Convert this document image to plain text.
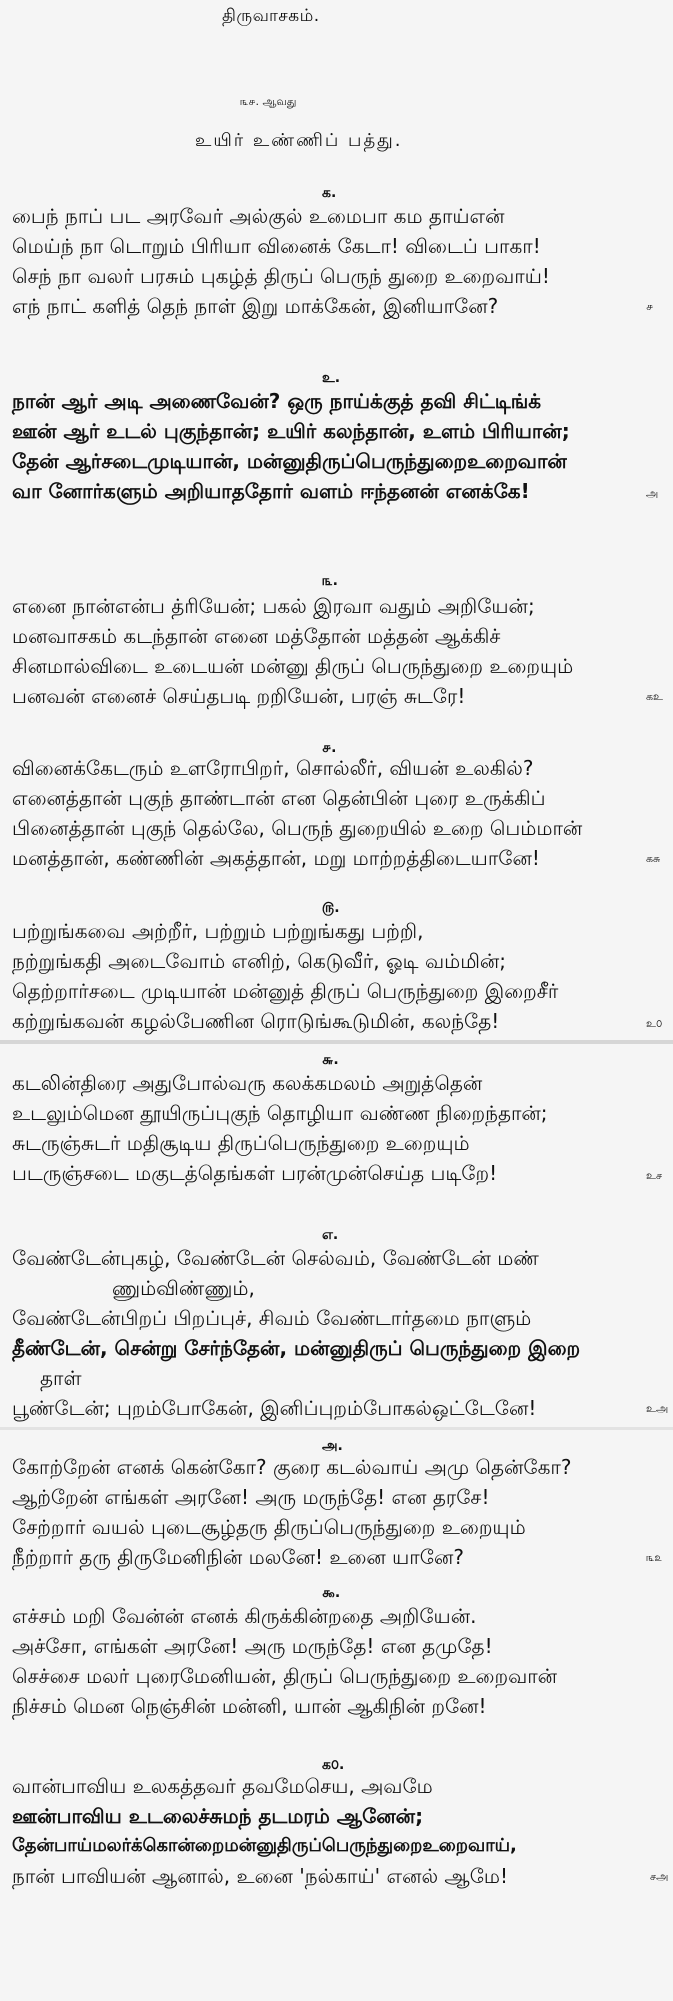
திருவாசகம்.
௩௪. ஆவது
உயிர் உண்ணிப் பத்து.
க.
பைந் நாப் பட அரவேர் அல்குல் உமைபா கம தாய்என்
மெய்ந் நா டொறும் பிரியா வினைக் கேடா! விடைப் பாகா!
செந் நா வலர் பரசும் புகழ்த் திருப் பெருந் துறை உறைவாய்!
எந் நாட் களித் தெந் நாள் இறு மாக்கேன், இனியானே?	௪
உ.
நான் ஆர் அடி அணைவேன்? ஒரு நாய்க்குத் தவி சிட்டிங்க்
ஊன் ஆர் உடல் புகுந்தான்; உயிர் கலந்தான், உளம் பிரியான்;
தேன் ஆர்சடைமுடியான், மன்னுதிருப்பெருந்துறைஉறைவான்
வா னோர்களும் அறியாததோர் வளம் ஈந்தனன் எனக்கே!	அ
௩.
எனை நான்என்ப த்ரியேன்; பகல் இரவா வதும் அறியேன்;
மனவாசகம் கடந்தான் எனை மத்தோன் மத்தன் ஆக்கிச்
சினமால்விடை உடையன் மன்னு திருப் பெருந்துறை உறையும்
பனவன் எனைச் செய்தபடி றறியேன், பரஞ் சுடரே!	கஉ
௪.
வினைக்கேடரும் உளரோபிறர், சொல்லீர், வியன் உலகில்?
எனைத்தான் புகுந் தாண்டான் என தென்பின் புரை உருக்கிப்
பினைத்தான் புகுந் தெல்லே, பெருந் துறையில் உறை பெம்மான்
மனத்தான், கண்ணின் அகத்தான், மறு மாற்றத்திடையானே!	கசு
௫.
பற்றுங்கவை அற்றீர், பற்றும் பற்றுங்கது பற்றி,
நற்றுங்கதி அடைவோம் எனிற், கெடுவீர், ஓடி வம்மின்;
தெற்றார்சடை முடியான் மன்னுத் திருப் பெருந்துறை இறைசீர்
கற்றுங்கவன் கழல்பேணின ரொடுங்கூடுமின், கலந்தே!	உ௦
௬.
கடலின்திரை அதுபோல்வரு கலக்கமலம் அறுத்தென்
உடலும்மென தூயிருப்புகுந் தொழியா வண்ண நிறைந்தான்;
சுடருஞ்சுடர் மதிசூடிய திருப்பெருந்துறை உறையும்
படருஞ்சடை மகுடத்தெங்கள் பரன்முன்செய்த படிறே!	உச
எ.
வேண்டேன்புகழ், வேண்டேன் செல்வம், வேண்டேன் மண்
ணும்விண்ணும்,
வேண்டேன்பிறப் பிறப்புச், சிவம் வேண்டார்தமை நாளும்
தீண்டேன், சென்று சேர்ந்தேன், மன்னுதிருப் பெருந்துறை இறை
தாள்
பூண்டேன்; புறம்போகேன், இனிப்புறம்போகல்ஒட்டேனே!	உஅ
அ.
கோற்றேன் எனக் கென்கோ? குரை கடல்வாய் அமு தென்கோ?
ஆற்றேன் எங்கள் அரனே! அரு மருந்தே! என தரசே!
சேற்றார் வயல் புடைசூழ்தரு திருப்பெருந்துறை உறையும்
நீற்றார் தரு திருமேனிநின் மலனே! உனை யானே?	௩௨
௯.
எச்சம் மறி வேன்ன் எனக் கிருக்கின்றதை அறியேன்.
அச்சோ, எங்கள் அரனே! அரு மருந்தே! என தமுதே!
செச்சை மலர் புரைமேனியன், திருப் பெருந்துறை உறைவான்
நிச்சம் மென நெஞ்சின் மன்னி, யான் ஆகிநின் றனே!
க௦.
வான்பாவிய உலகத்தவர் தவமேசெய, அவமே
ஊன்பாவிய உடலைச்சுமந் தடமரம் ஆனேன்;
தேன்பாய்மலர்க்கொன்றைமன்னுதிருப்பெருந்துறைஉறைவாய்,
நான் பாவியன் ஆனால், உனை 'நல்காய்' எனல் ஆமே!	சஅ
